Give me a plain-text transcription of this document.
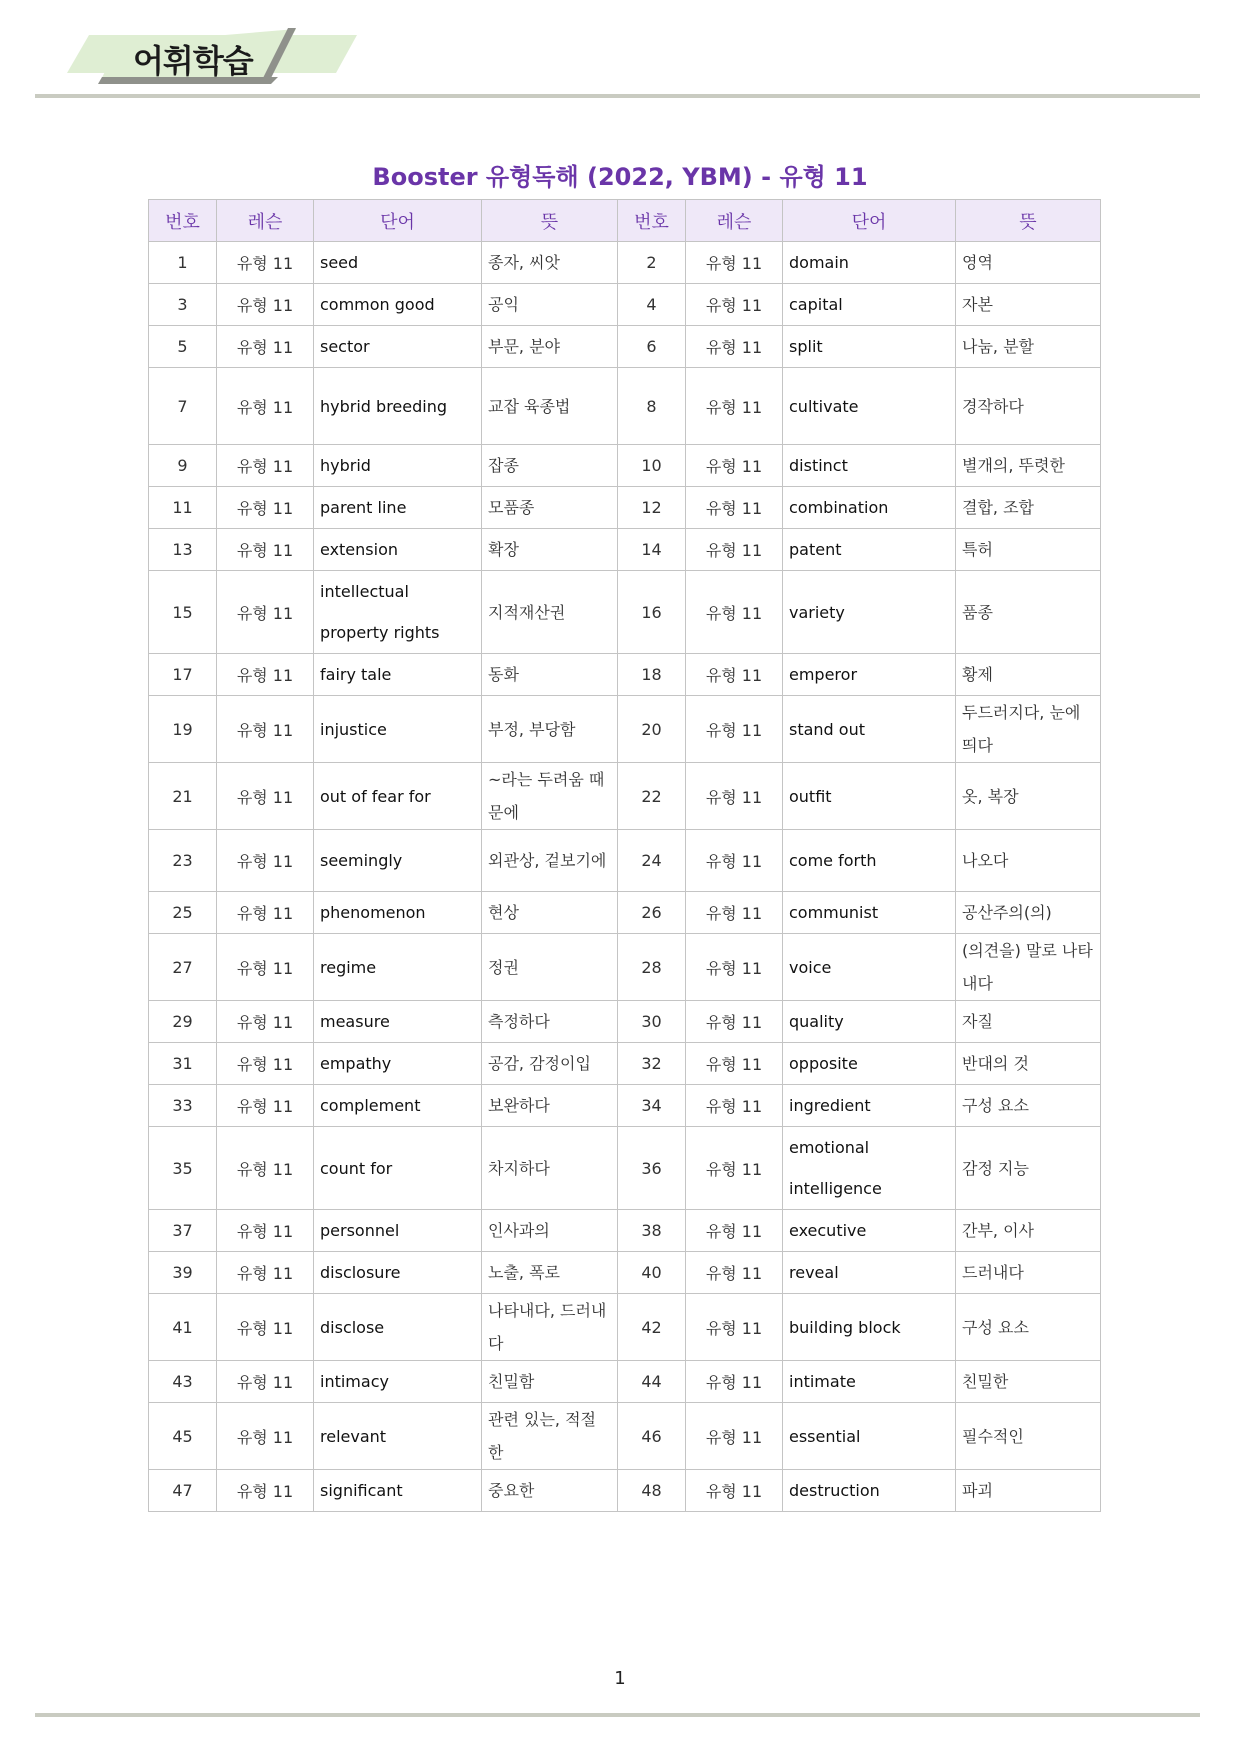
어휘학습
Booster 유형독해 (2022, YBM) - 유형 11
번호	레슨	단어	뜻	번호	레슨	단어	뜻
1	유형 11	seed	종자, 씨앗	2	유형 11	domain	영역
3	유형 11	common good	공익	4	유형 11	capital	자본
5	유형 11	sector	부문, 분야	6	유형 11	split	나눔, 분할
7	유형 11	hybrid breeding	교잡 육종법	8	유형 11	cultivate	경작하다
9	유형 11	hybrid	잡종	10	유형 11	distinct	별개의, 뚜렷한
11	유형 11	parent line	모품종	12	유형 11	combination	결합, 조합
13	유형 11	extension	확장	14	유형 11	patent	특허
15	유형 11	intellectual property rights	지적재산권	16	유형 11	variety	품종
17	유형 11	fairy tale	동화	18	유형 11	emperor	황제
19	유형 11	injustice	부정, 부당함	20	유형 11	stand out	두드러지다, 눈에 띄다
21	유형 11	out of fear for	~라는 두려움 때문에	22	유형 11	outfit	옷, 복장
23	유형 11	seemingly	외관상, 겉보기에	24	유형 11	come forth	나오다
25	유형 11	phenomenon	현상	26	유형 11	communist	공산주의(의)
27	유형 11	regime	정권	28	유형 11	voice	(의견을) 말로 나타내다
29	유형 11	measure	측정하다	30	유형 11	quality	자질
31	유형 11	empathy	공감, 감정이입	32	유형 11	opposite	반대의 것
33	유형 11	complement	보완하다	34	유형 11	ingredient	구성 요소
35	유형 11	count for	차지하다	36	유형 11	emotional intelligence	감정 지능
37	유형 11	personnel	인사과의	38	유형 11	executive	간부, 이사
39	유형 11	disclosure	노출, 폭로	40	유형 11	reveal	드러내다
41	유형 11	disclose	나타내다, 드러내다	42	유형 11	building block	구성 요소
43	유형 11	intimacy	친밀함	44	유형 11	intimate	친밀한
45	유형 11	relevant	관련 있는, 적절한	46	유형 11	essential	필수적인
47	유형 11	significant	중요한	48	유형 11	destruction	파괴
1
